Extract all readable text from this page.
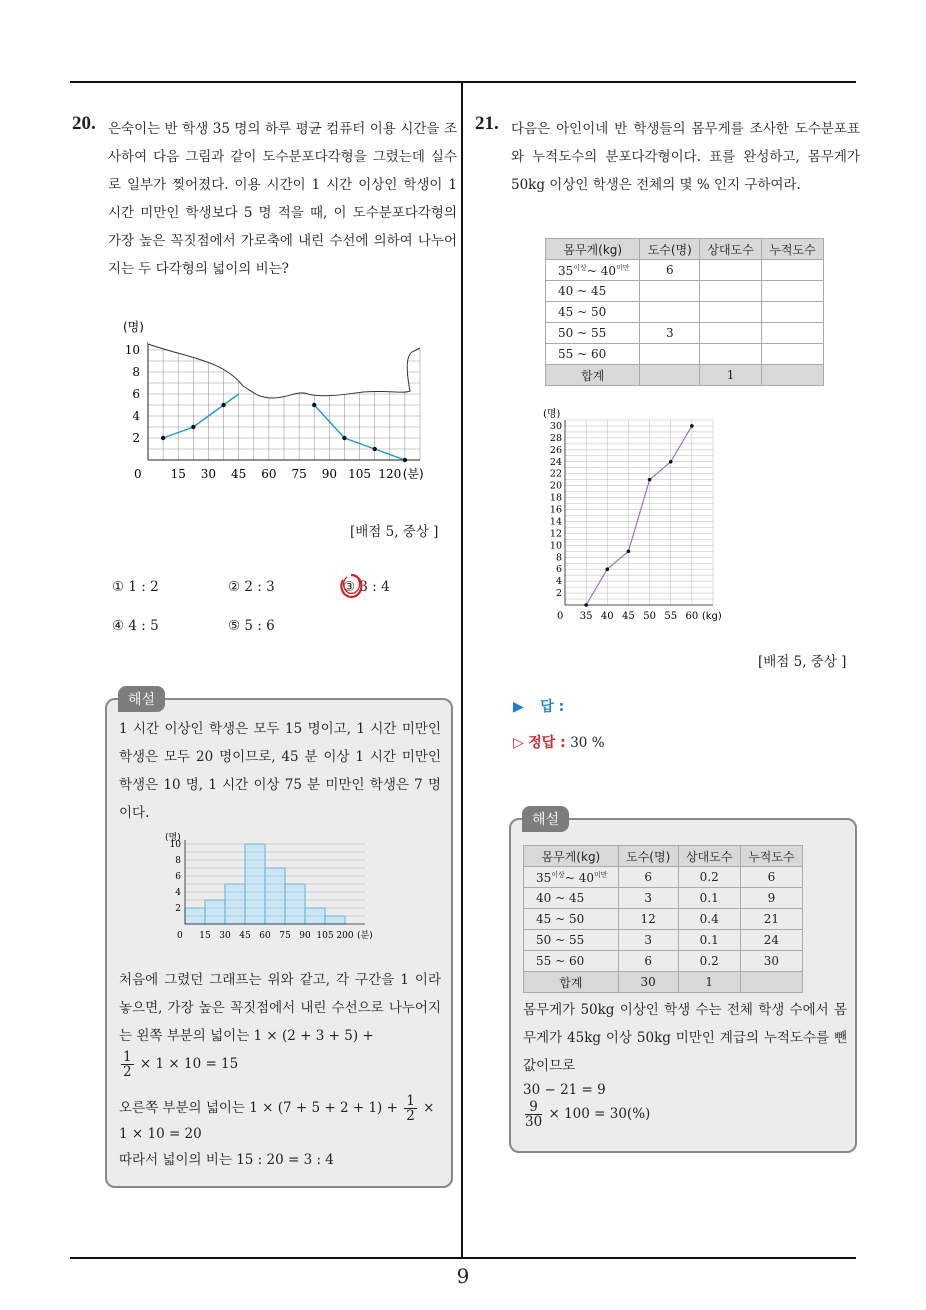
20. 은숙이는 반 학생 35 명의 하루 평균 컴퓨터 이용 시간을 조사하여 다음 그림과 같이 도수분포다각형을 그렸는데 실수로 일부가 찢어졌다. 이용 시간이 1 시간 이상인 학생이 1 시간 미만인 학생보다 5 명 적을 때, 이 도수분포다각형의 가장 높은 꼭짓점에서 가로축에 내린 수선에 의하여 나누어지는 두 다각형의 넓이의 비는?
(명)
10
8
6
4
2
0 15 30 45 60 75 90 105 120 (분)
[배점 5, 중상 ]
① 1 : 2	② 2 : 3	③ 3 : 4
④ 4 : 5	⑤ 5 : 6
1 시간 이상인 학생은 모두 15 명이고, 1 시간 미만인 학생은 모두 20 명이므로, 45 분 이상 1 시간 미만인 학생은 10 명, 1 시간 이상 75 분 미만인 학생은 7 명이다.
(명)
10
8
6
4
2
0 15 30 45 60 75 90 105 200 (분)
처음에 그렸던 그래프는 위와 같고, 각 구간을 1 이라 놓으면, 가장 높은 꼭짓점에서 내린 수선으로 나누어지는 왼쪽 부분의 넓이는 1 × (2 + 3 + 5) +
$\frac{1}{2} \times 1 \times 10 = 15$
오른쪽 부분의 넓이는 $1 \times (7 + 5 + 2 + 1) + \frac{1}{2}$ ×
1 × 10 = 20
따라서 넓이의 비는 15 : 20 = 3 : 4
해설
21. 다음은 아인이네 반 학생들의 몸무게를 조사한 도수분포표와 누적도수의 분포다각형이다. 표를 완성하고, 몸무게가 50kg 이상인 학생은 전체의 몇 % 인지 구하여라.
몸무게(kg)	도수(명)	상대도수	누적도수
$35^{이상}\sim$ $40^{미만}$	6		
40 ~ 45			
45 ~ 50			
50 ~ 55	3		
55 ~ 60			
합계		1	
(명)
30
28
26
24
22
20
18
16
14
12
10
8
6
4
2
0 35 40 45 50 55 60 (kg)
[배점 5, 중상 ]
▶ 답 :
▷ 정답 : 30 %
몸무게(kg)	도수(명)	상대도수	누적도수
$35^{이상}\sim$ $40^{미만}$	6	0.2	6
40 ~ 45	3	0.1	9
45 ~ 50	12	0.4	21
50 ~ 55	3	0.1	24
55 ~ 60	6	0.2	30
합계	30	1	
몸무게가 50kg 이상인 학생 수는 전체 학생 수에서 몸무게가 45kg 이상 50kg 미만인 계급의 누적도수를 뺀 값이므로
30 − 21 = 9
$\frac{9}{30} \times 100 = 30(\%)$
해설
9
